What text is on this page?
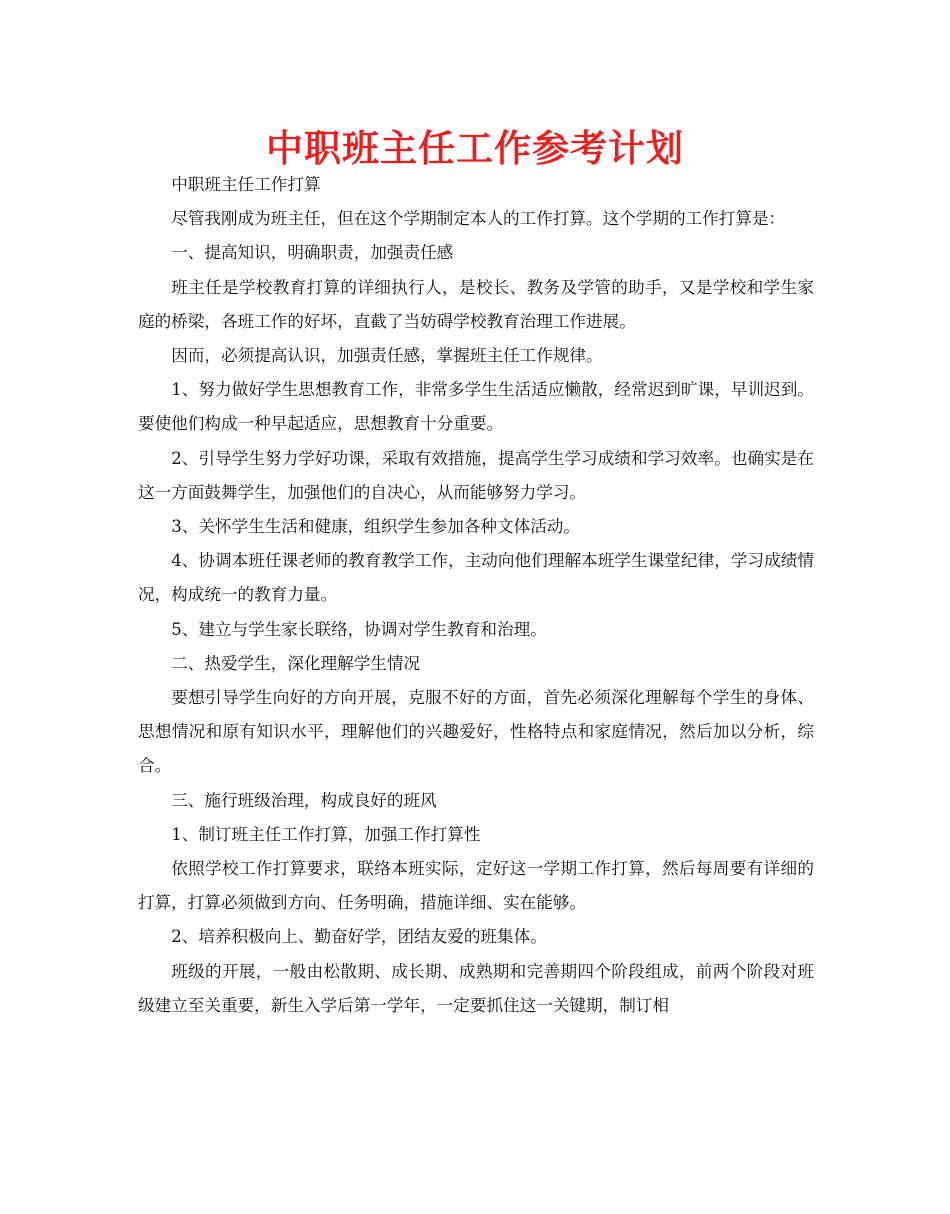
中职班主任工作参考计划

中职班主任工作打算

尽管我刚成为班主任，但在这个学期制定本人的工作打算。这个学期的工作打算是：

一、提高知识，明确职责，加强责任感

班主任是学校教育打算的详细执行人，是校长、教务及学管的助手，又是学校和学生家庭的桥梁，各班工作的好坏，直截了当妨碍学校教育治理工作进展。

因而，必须提高认识，加强责任感，掌握班主任工作规律。

1、努力做好学生思想教育工作，非常多学生生活适应懒散，经常迟到旷课，早训迟到。要使他们构成一种早起适应，思想教育十分重要。

2、引导学生努力学好功课，采取有效措施，提高学生学习成绩和学习效率。也确实是在这一方面鼓舞学生，加强他们的自决心，从而能够努力学习。

3、关怀学生生活和健康，组织学生参加各种文体活动。

4、协调本班任课老师的教育教学工作，主动向他们理解本班学生课堂纪律，学习成绩情况，构成统一的教育力量。

5、建立与学生家长联络，协调对学生教育和治理。

二、热爱学生，深化理解学生情况

要想引导学生向好的方向开展，克服不好的方面，首先必须深化理解每个学生的身体、思想情况和原有知识水平，理解他们的兴趣爱好，性格特点和家庭情况，然后加以分析，综合。

三、施行班级治理，构成良好的班风

1、制订班主任工作打算，加强工作打算性

依照学校工作打算要求，联络本班实际，定好这一学期工作打算，然后每周要有详细的打算，打算必须做到方向、任务明确，措施详细、实在能够。

2、培养积极向上、勤奋好学，团结友爱的班集体。

班级的开展，一般由松散期、成长期、成熟期和完善期四个阶段组成，前两个阶段对班级建立至关重要，新生入学后第一学年，一定要抓住这一关键期，制订相
